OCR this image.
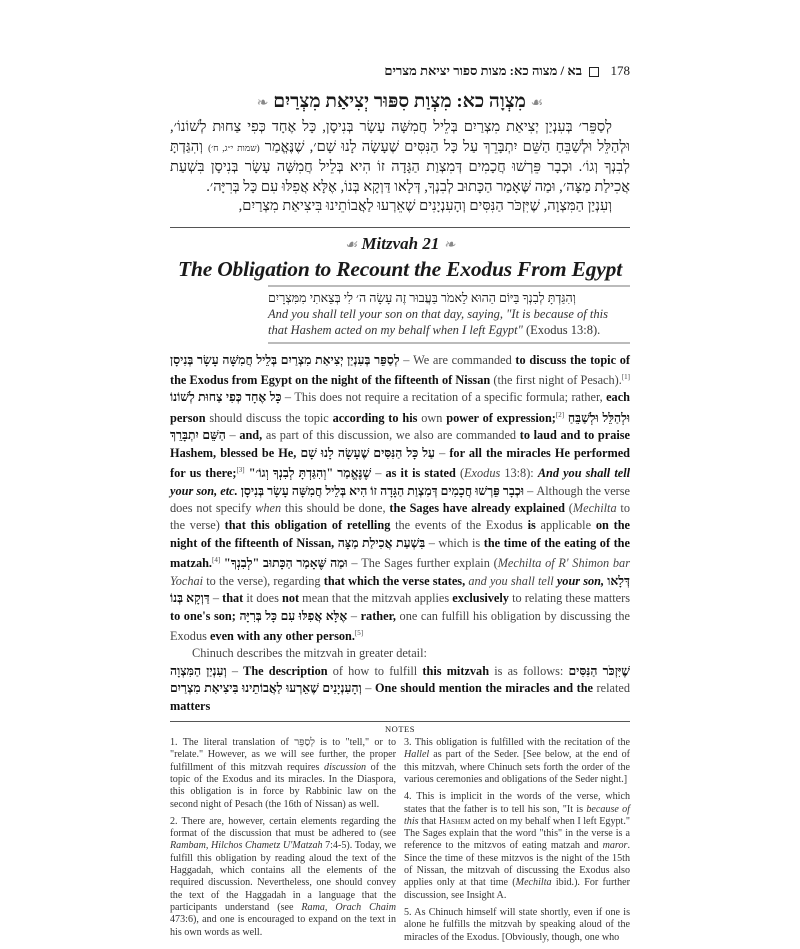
בא / מצוה כא: מצות ספור יציאת מצרים 178
☙ מִצְוָה כא: מִצְוַת סִפּוּר יְצִיאַת מִצְרַיִם ❧

לְסַפֵּר׳ בְּעִנְיַן יְצִיאַת מִצְרַיִם בְּלֵיל חֲמִשָּׁה עָשָׂר בְּנִיסָן, כָּל אֶחָד כְּפִי צַחוּת לְשׁוֹנוֹ׳, וּלְהַלֵּל וּלְשַׁבֵּחַ הַשֵּׁם יִתְבָּרֵךְ עַל כָּל הַנִּסִּים שֶׁעָשָׂה לָנוּ שָׁם׳, שֶׁנֶּאֱמַר (שמות י״ג, ח׳) וְהִגַּדְתָּ לְבִנְךָ וְגוֹ׳. וּכְבָר פֵּרְשׁוּ חֲכָמִים דְּמִצְוַת הַגָּדָה זוֹ הִיא בְּלֵיל חֲמִשָּׁה עָשָׂר בְּנִיסָן בִּשְׁעַת אֲכִילַת מַצָּה׳, וּמַה שֶּׁאָמַר הַכָּתוּב לְבִנְךָ, דְּלָאו דַּוְקָא בְּנוֹ, אֶלָּא אֲפִלּוּ עִם כָּל בְּרִיָּה׳.

וְעִנְיַן הַמִּצְוָה, שֶׁיִּזְכֹּר הַנִּסִּים וְהָעִנְיָנִים שֶׁאֵרְעוּ לַאֲבוֹתֵינוּ בִּיצִיאַת מִצְרַיִם,

☙ Mitzvah 21 ❧
The Obligation to Recount the Exodus From Egypt
וְהִגַּדְתָּ לְבִנְךָ בַּיּוֹם הַהוּא לֵאמֹר בַּעֲבוּר זֶה עָשָׂה ה׳ לִי בְּצֵאתִי מִמִּצְרָיִם
And you shall tell your son on that day, saying, "It is because of this that Hashem acted on my behalf when I left Egypt" (Exodus 13:8).

לְסַפֵּר בְּעִנְיַן יְצִיאַת מִצְרַיִם בְּלֵיל חֲמִשָּׁה עָשָׂר בְּנִיסָן – We are commanded to discuss the topic of the Exodus from Egypt on the night of the fifteenth of Nissan (the first night of Pesach).[1] כָּל אֶחָד כְּפִי צַחוּת לְשׁוֹנוֹ – This does not require a recitation of a specific formula; rather, each person should discuss the topic according to his own power of expression;[2] וּלְהַלֵּל וּלְשַׁבֵּחַ הַשֵּׁם יִתְבָּרֵךְ – and, as part of this discussion, we also are commanded to laud and to praise Hashem, blessed be He, עַל כָּל הַנִּסִּים שֶׁעָשָׂה לָנוּ שָׁם – for all the miracles He performed for us there;[3] שֶׁנֶּאֱמַר "וְהִגַּדְתָּ לְבִנְךָ וְגוֹ׳" – as it is stated (Exodus 13:8): And you shall tell your son, etc. וּכְבָר פֵּרְשׁוּ חֲכָמִים דְּמִצְוַת הַגָּדָה זוֹ הִיא בְּלֵיל חֲמִשָּׁה עָשָׂר בְּנִיסָן – Although the verse does not specify when this should be done, the Sages have already explained (Mechilta to the verse) that this obligation of retelling the events of the Exodus is applicable on the night of the fifteenth of Nissan, בִּשְׁעַת אֲכִילַת מַצָּה – which is the time of the eating of the matzah.[4] וּמַה שֶּׁאָמַר הַכָּתוּב "לְבִנְךָ" – The Sages further explain (Mechilta of R' Shimon bar Yochai to the verse), regarding that which the verse states, and you shall tell your son, דְּלָאו דַּוְקָא בְּנוֹ – that it does not mean that the mitzvah applies exclusively to relating these matters to one's son; אֶלָּא אֲפִלּוּ עִם כָּל בְּרִיָּה – rather, one can fulfill his obligation by discussing the Exodus even with any other person.[5]

Chinuch describes the mitzvah in greater detail:

וְעִנְיַן הַמִּצְוָה – The description of how to fulfill this mitzvah is as follows: שֶׁיִּזְכֹּר הַנִּסִּים וְהָעִנְיָנִים שֶׁאֵרְעוּ לַאֲבוֹתֵינוּ בִּיצִיאַת מִצְרַיִם – One should mention the miracles and the related matters

NOTES

1. The literal translation of לְסַפֵּר is to "tell," or to "relate." However, as we will see further, the proper fulfillment of this mitzvah requires discussion of the topic of the Exodus and its miracles. In the Diaspora, this obligation is in force by Rabbinic law on the second night of Pesach (the 16th of Nissan) as well.

2. There are, however, certain elements regarding the format of the discussion that must be adhered to (see Rambam, Hilchos Chametz U'Matzah 7:4-5). Today, we fulfill this obligation by reading aloud the text of the Haggadah, which contains all the elements of the required discussion. Nevertheless, one should convey the text of the Haggadah in a language that the participants understand (see Rama, Orach Chaim 473:6), and one is encouraged to expand on the text in his own words as well.

3. This obligation is fulfilled with the recitation of the Hallel as part of the Seder. [See below, at the end of this mitzvah, where Chinuch sets forth the order of the various ceremonies and obligations of the Seder night.]

4. This is implicit in the words of the verse, which states that the father is to tell his son, "It is because of this that Hashem acted on my behalf when I left Egypt." The Sages explain that the word "this" in the verse is a reference to the mitzvos of eating matzah and maror. Since the time of these mitzvos is the night of the 15th of Nissan, the mitzvah of discussing the Exodus also applies only at that time (Mechilta ibid.). For further discussion, see Insight A.

5. As Chinuch himself will state shortly, even if one is alone he fulfills the mitzvah by speaking aloud of the miracles of the Exodus. [Obviously, though, one who
